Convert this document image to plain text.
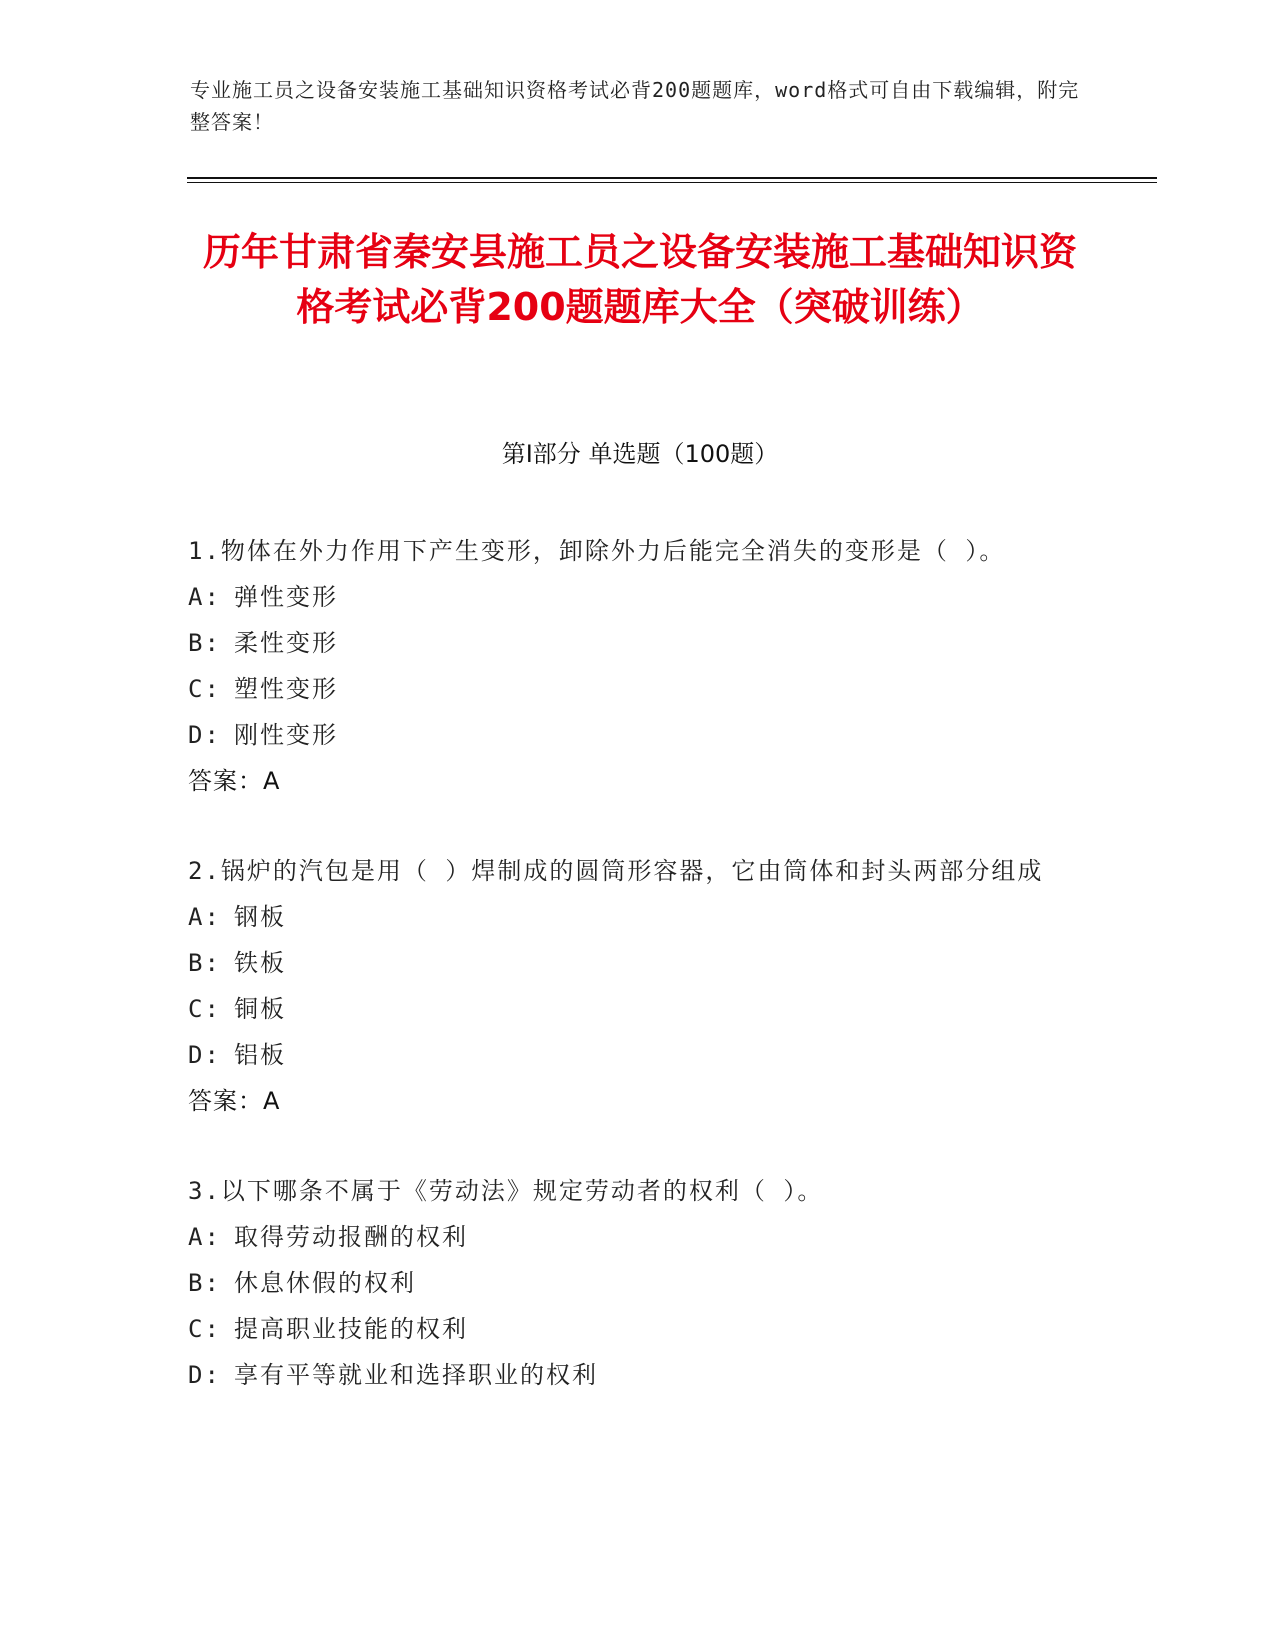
专业施工员之设备安装施工基础知识资格考试必背200题题库，word格式可自由下载编辑，附完整答案！
历年甘肃省秦安县施工员之设备安装施工基础知识资格考试必背200题题库大全（突破训练）
第Ⅰ部分 单选题（100题）

1.物体在外力作用下产生变形，卸除外力后能完全消失的变形是（ ）。

A: 弹性变形
B: 柔性变形
C: 塑性变形
D: 刚性变形
答案：A

2.锅炉的汽包是用（ ）焊制成的圆筒形容器，它由筒体和封头两部分组成

A: 钢板
B: 铁板
C: 铜板
D: 铝板
答案：A

3.以下哪条不属于《劳动法》规定劳动者的权利（ ）。

A: 取得劳动报酬的权利
B: 休息休假的权利
C: 提高职业技能的权利
D: 享有平等就业和选择职业的权利
